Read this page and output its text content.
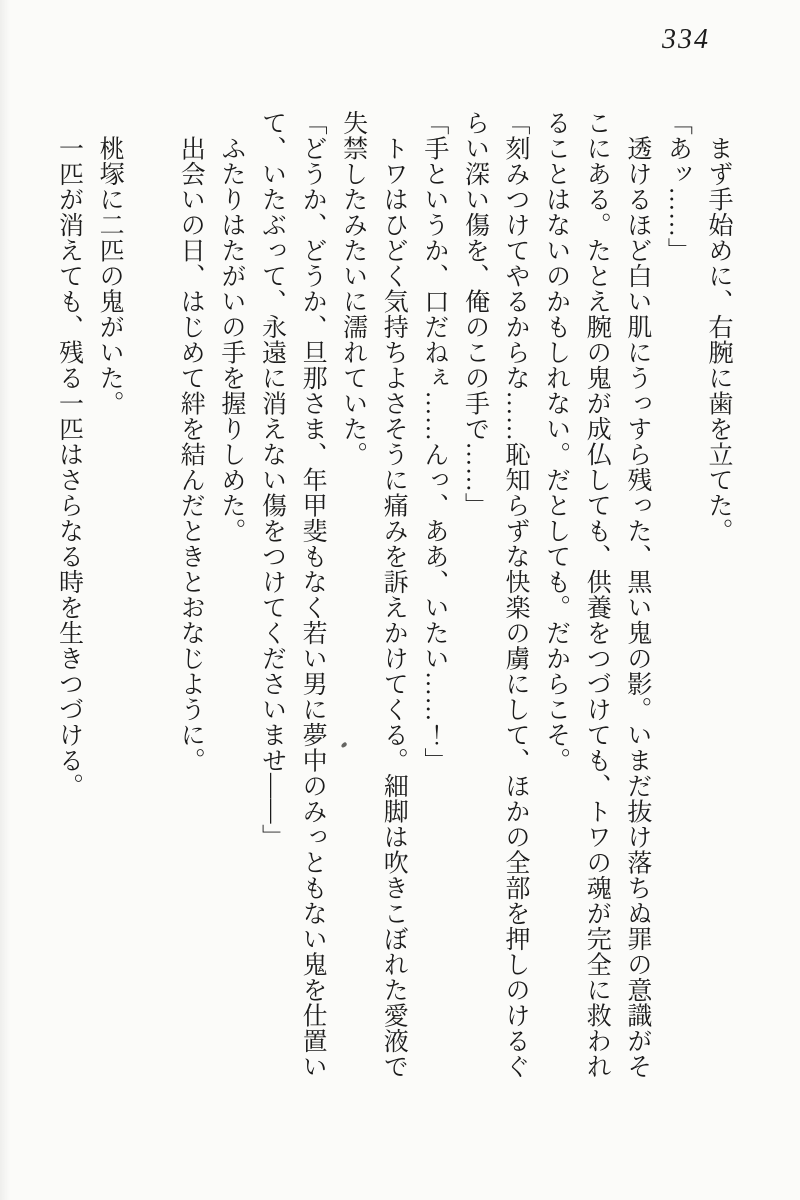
334

　まず手始めに、右腕に歯を立てた。

「あッ……」

　透けるほど白い肌にうっすら残った、黒い鬼の影。いまだ抜け落ちぬ罪の意識がそ

こにある。たとえ腕の鬼が成仏しても、供養をつづけても、トワの魂が完全に救われ

ることはないのかもしれない。だとしても。だからこそ。

「刻みつけてやるからな……恥知らずな快楽の虜にして、ほかの全部を押しのけるぐ

らい深い傷を、俺のこの手で……」

「手というか、口だねぇ……んっ、ああ、いたい……！」

　トワはひどく気持ちよさそうに痛みを訴えかけてくる。細脚は吹きこぼれた愛液で

失禁したみたいに濡れていた。

「どうか、どうか、旦那さま、年甲斐もなく若い男に夢中のみっともない鬼を仕置い

て、いたぶって、永遠に消えない傷をつけてくださいませ――」

　ふたりはたがいの手を握りしめた。

　出会いの日、はじめて絆を結んだときとおなじように。

　桃塚に二匹の鬼がいた。

　一匹が消えても、残る一匹はさらなる時を生きつづける。
